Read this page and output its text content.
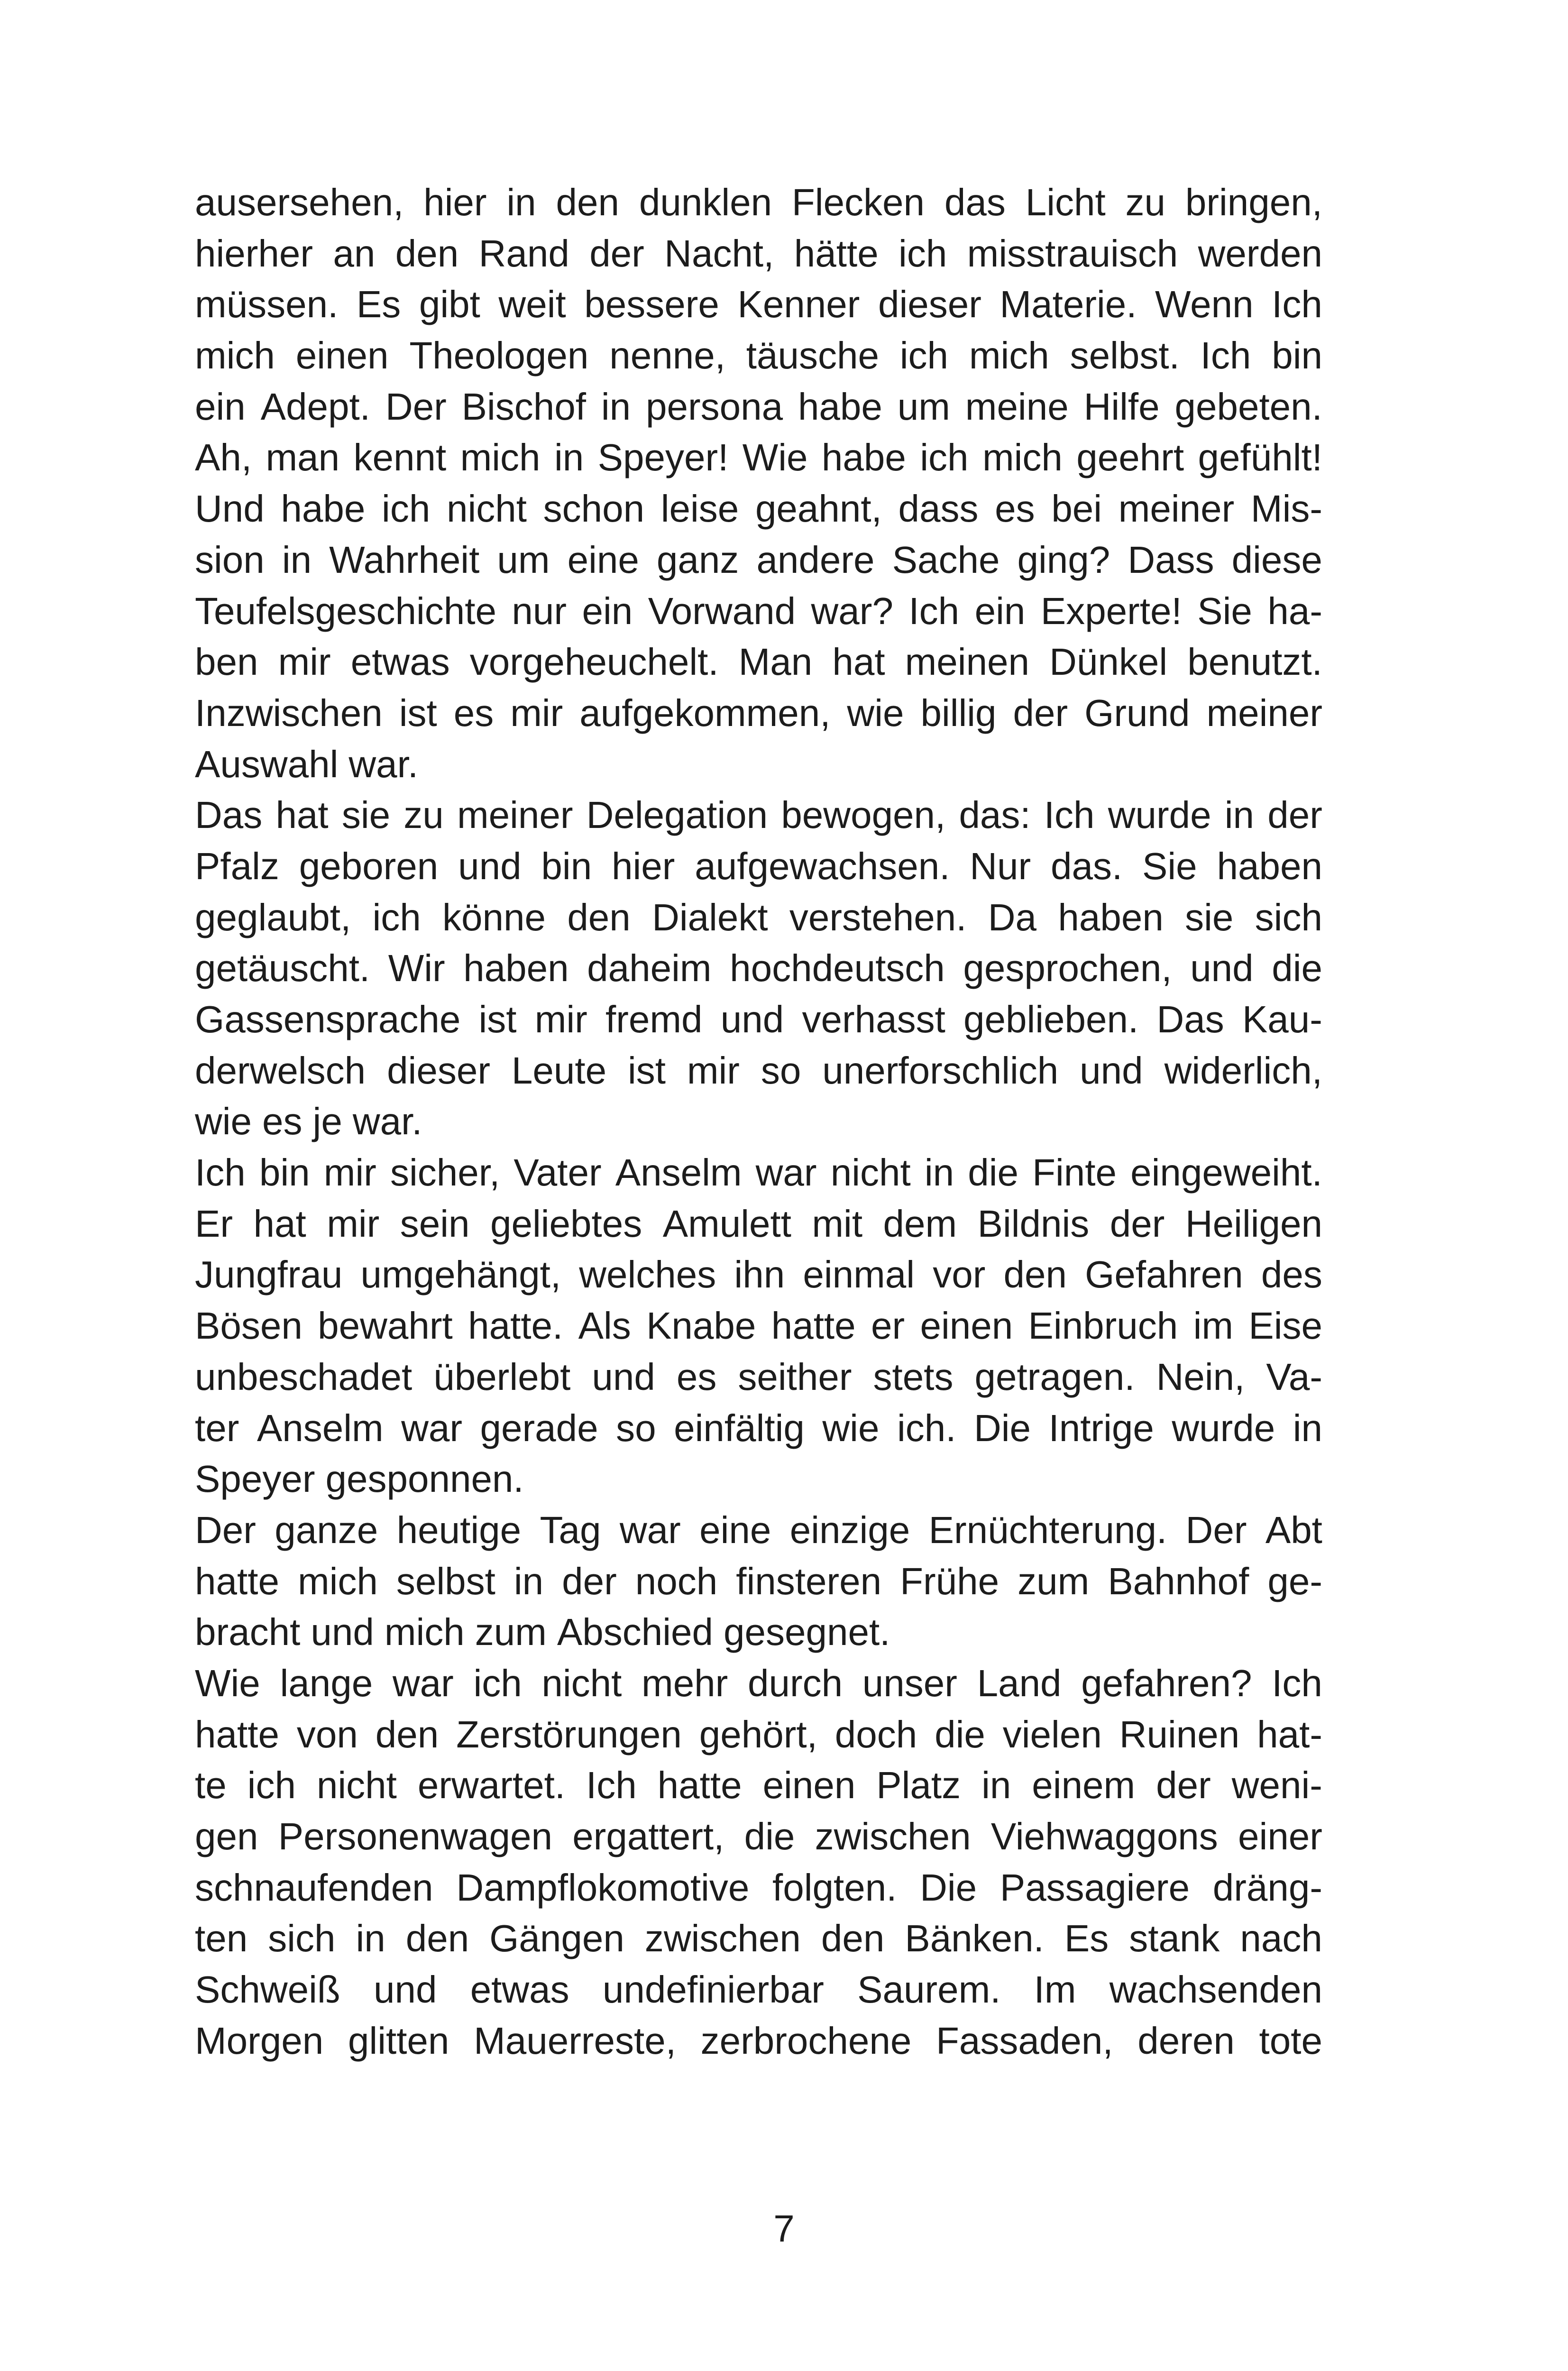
ausersehen, hier in den dunklen Flecken das Licht zu bringen,
hierher an den Rand der Nacht, hätte ich misstrauisch werden
müssen. Es gibt weit bessere Kenner dieser Materie. Wenn Ich
mich einen Theologen nenne, täusche ich mich selbst. Ich bin
ein Adept. Der Bischof in persona habe um meine Hilfe gebeten.
Ah, man kennt mich in Speyer! Wie habe ich mich geehrt gefühlt!
Und habe ich nicht schon leise geahnt, dass es bei meiner Mis-
sion in Wahrheit um eine ganz andere Sache ging? Dass diese
Teufelsgeschichte nur ein Vorwand war? Ich ein Experte! Sie ha-
ben mir etwas vorgeheuchelt. Man hat meinen Dünkel benutzt.
Inzwischen ist es mir aufgekommen, wie billig der Grund meiner
Auswahl war.
Das hat sie zu meiner Delegation bewogen, das: Ich wurde in der
Pfalz geboren und bin hier aufgewachsen. Nur das. Sie haben
geglaubt, ich könne den Dialekt verstehen. Da haben sie sich
getäuscht. Wir haben daheim hochdeutsch gesprochen, und die
Gassensprache ist mir fremd und verhasst geblieben. Das Kau-
derwelsch dieser Leute ist mir so unerforschlich und widerlich,
wie es je war.
Ich bin mir sicher, Vater Anselm war nicht in die Finte eingeweiht.
Er hat mir sein geliebtes Amulett mit dem Bildnis der Heiligen
Jungfrau umgehängt, welches ihn einmal vor den Gefahren des
Bösen bewahrt hatte. Als Knabe hatte er einen Einbruch im Eise
unbeschadet überlebt und es seither stets getragen. Nein, Va-
ter Anselm war gerade so einfältig wie ich. Die Intrige wurde in
Speyer gesponnen.
Der ganze heutige Tag war eine einzige Ernüchterung. Der Abt
hatte mich selbst in der noch finsteren Frühe zum Bahnhof ge-
bracht und mich zum Abschied gesegnet.
Wie lange war ich nicht mehr durch unser Land gefahren? Ich
hatte von den Zerstörungen gehört, doch die vielen Ruinen hat-
te ich nicht erwartet. Ich hatte einen Platz in einem der weni-
gen Personenwagen ergattert, die zwischen Viehwaggons einer
schnaufenden Dampflokomotive folgten. Die Passagiere dräng-
ten sich in den Gängen zwischen den Bänken. Es stank nach
Schweiß und etwas undefinierbar Saurem. Im wachsenden
Morgen glitten Mauerreste, zerbrochene Fassaden, deren tote
7
